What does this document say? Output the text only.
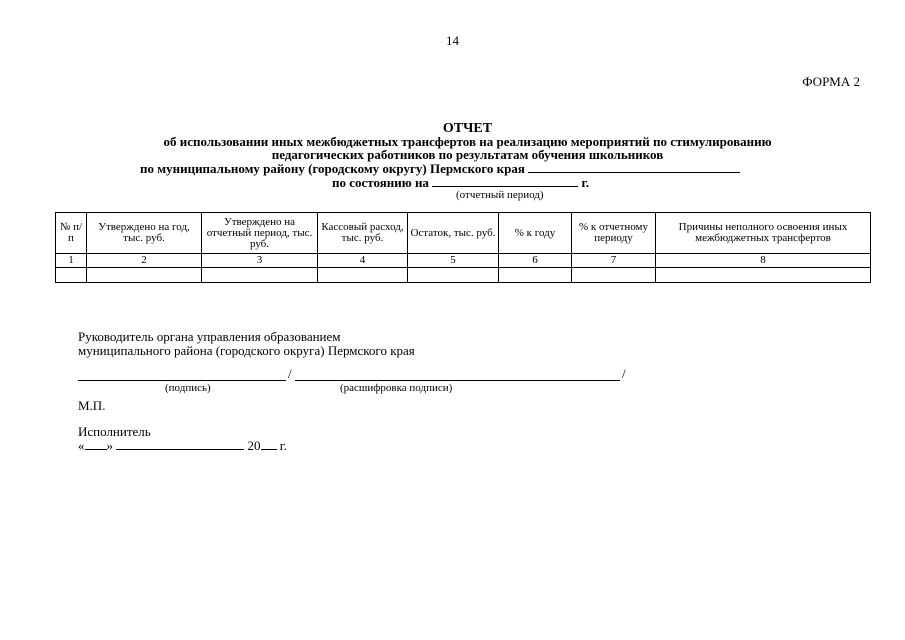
14
ФОРМА 2
ОТЧЕТ
об использовании иных межбюджетных трансфертов на реализацию мероприятий по стимулированию
педагогических работников по результатам обучения школьников
по муниципальному району (городскому округу) Пермского края
по состоянию на	г.
(отчетный период)
№ п/п	Утверждено на год, тыс. руб.	Утверждено на отчетный период, тыс. руб.	Кассовый расход, тыс. руб.	Остаток, тыс. руб.	% к году	% к отчетному периоду	Причины неполного освоения иных межбюджетных трансфертов
1	2	3	4	5	6	7	8

Руководитель органа управления образованием
муниципального района (городского округа) Пермского края
/	/
(подпись)	(расшифровка подписи)
М.П.
Исполнитель
« »	20 г.
